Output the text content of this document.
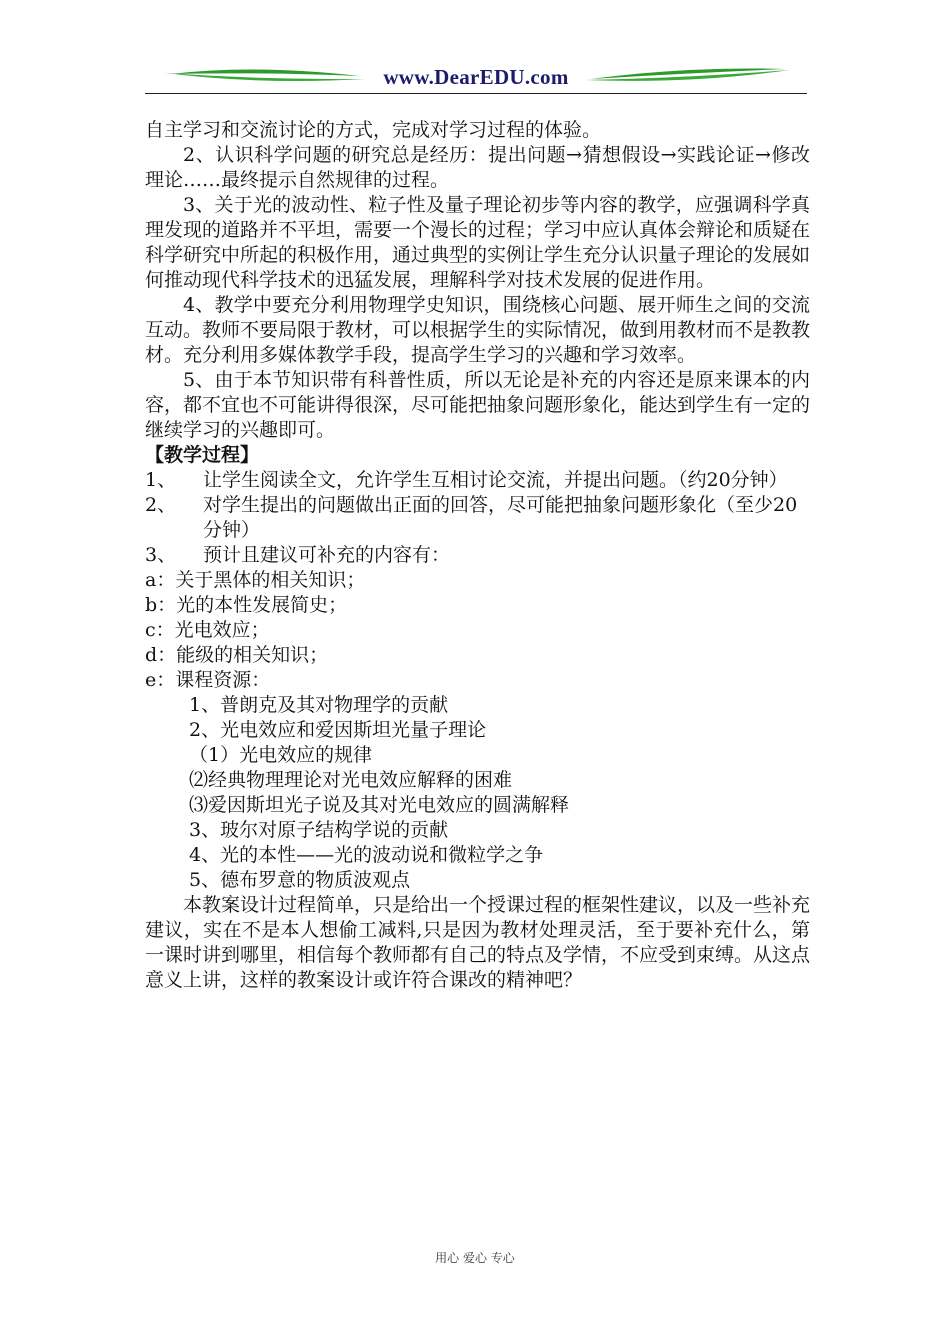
www.DearEDU.com

自主学习和交流讨论的方式，完成对学习过程的体验。

2、认识科学问题的研究总是经历：提出问题→猜想假设→实践论证→修改理论……最终提示自然规律的过程。

3、关于光的波动性、粒子性及量子理论初步等内容的教学，应强调科学真理发现的道路并不平坦，需要一个漫长的过程；学习中应认真体会辩论和质疑在科学研究中所起的积极作用，通过典型的实例让学生充分认识量子理论的发展如何推动现代科学技术的迅猛发展，理解科学对技术发展的促进作用。

4、教学中要充分利用物理学史知识，围绕核心问题、展开师生之间的交流互动。教师不要局限于教材，可以根据学生的实际情况，做到用教材而不是教教材。充分利用多媒体教学手段，提高学生学习的兴趣和学习效率。

5、由于本节知识带有科普性质，所以无论是补充的内容还是原来课本的内容，都不宜也不可能讲得很深，尽可能把抽象问题形象化，能达到学生有一定的继续学习的兴趣即可。

【教学过程】

1、	让学生阅读全文，允许学生互相讨论交流，并提出问题。（约20分钟）
2、	对学生提出的问题做出正面的回答，尽可能把抽象问题形象化（至少20分钟）
3、	预计且建议可补充的内容有：

a：关于黑体的相关知识；

b：光的本性发展简史；

c：光电效应；

d：能级的相关知识；

e：课程资源：

1、普朗克及其对物理学的贡献

2、光电效应和爱因斯坦光量子理论

（1）光电效应的规律

⑵经典物理理论对光电效应解释的困难

⑶爱因斯坦光子说及其对光电效应的圆满解释

3、玻尔对原子结构学说的贡献

4、光的本性——光的波动说和微粒学之争

5、德布罗意的物质波观点

本教案设计过程简单，只是给出一个授课过程的框架性建议，以及一些补充建议，实在不是本人想偷工减料,只是因为教材处理灵活，至于要补充什么，第一课时讲到哪里，相信每个教师都有自己的特点及学情，不应受到束缚。从这点意义上讲，这样的教案设计或许符合课改的精神吧？

用心 爱心 专心
